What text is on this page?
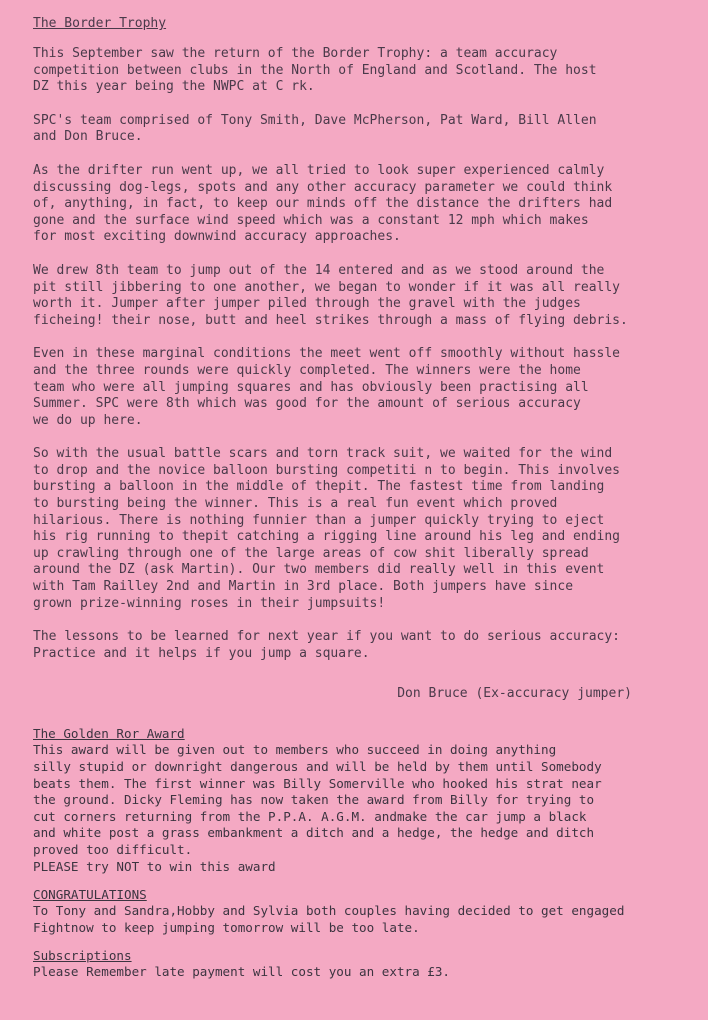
The Border Trophy

This September saw the return of the Border Trophy: a team accuracy
competition between clubs in the North of England and Scotland. The host
DZ this year being the NWPC at C rk.

SPC's team comprised of Tony Smith, Dave McPherson, Pat Ward, Bill Allen
and Don Bruce.

As the drifter run went up, we all tried to look super experienced calmly
discussing dog-legs, spots and any other accuracy parameter we could think
of, anything, in fact, to keep our minds off the distance the drifters had
gone and the surface wind speed which was a constant 12 mph which makes
for most exciting downwind accuracy approaches.

We drew 8th team to jump out of the 14 entered and as we stood around the
pit still jibbering to one another, we began to wonder if it was all really
worth it. Jumper after jumper piled through the gravel with the judges
ficheing! their nose, butt and heel strikes through a mass of flying debris.

Even in these marginal conditions the meet went off smoothly without hassle
and the three rounds were quickly completed. The winners were the home
team who were all jumping squares and has obviously been practising all
Summer. SPC were 8th which was good for the amount of serious accuracy
we do up here.

So with the usual battle scars and torn track suit, we waited for the wind
to drop and the novice balloon bursting competiti n to begin. This involves
bursting a balloon in the middle of thepit. The fastest time from landing
to bursting being the winner. This is a real fun event which proved
hilarious. There is nothing funnier than a jumper quickly trying to eject
his rig running to thepit catching a rigging line around his leg and ending
up crawling through one of the large areas of cow shit liberally spread
around the DZ (ask Martin). Our two members did really well in this event
with Tam Railley 2nd and Martin in 3rd place. Both jumpers have since
grown prize-winning roses in their jumpsuits!

The lessons to be learned for next year if you want to do serious accuracy:
Practice and it helps if you jump a square.

Don Bruce (Ex-accuracy jumper)
The Golden Ror Award

This award will be given out to members who succeed in doing anything
silly stupid or downright dangerous and will be held by them until Somebody
beats them. The first winner was Billy Somerville who hooked his strat near
the ground. Dicky Fleming has now taken the award from Billy for trying to
cut corners returning from the P.P.A. A.G.M. andmake the car jump a black
and white post a grass embankment a ditch and a hedge, the hedge and ditch
proved too difficult.
PLEASE try NOT to win this award

CONGRATULATIONS

To Tony and Sandra,Hobby and Sylvia both couples having decided to get engaged
Fightnow to keep jumping tomorrow will be too late.

Subscriptions

Please Remember late payment will cost you an extra £3.
